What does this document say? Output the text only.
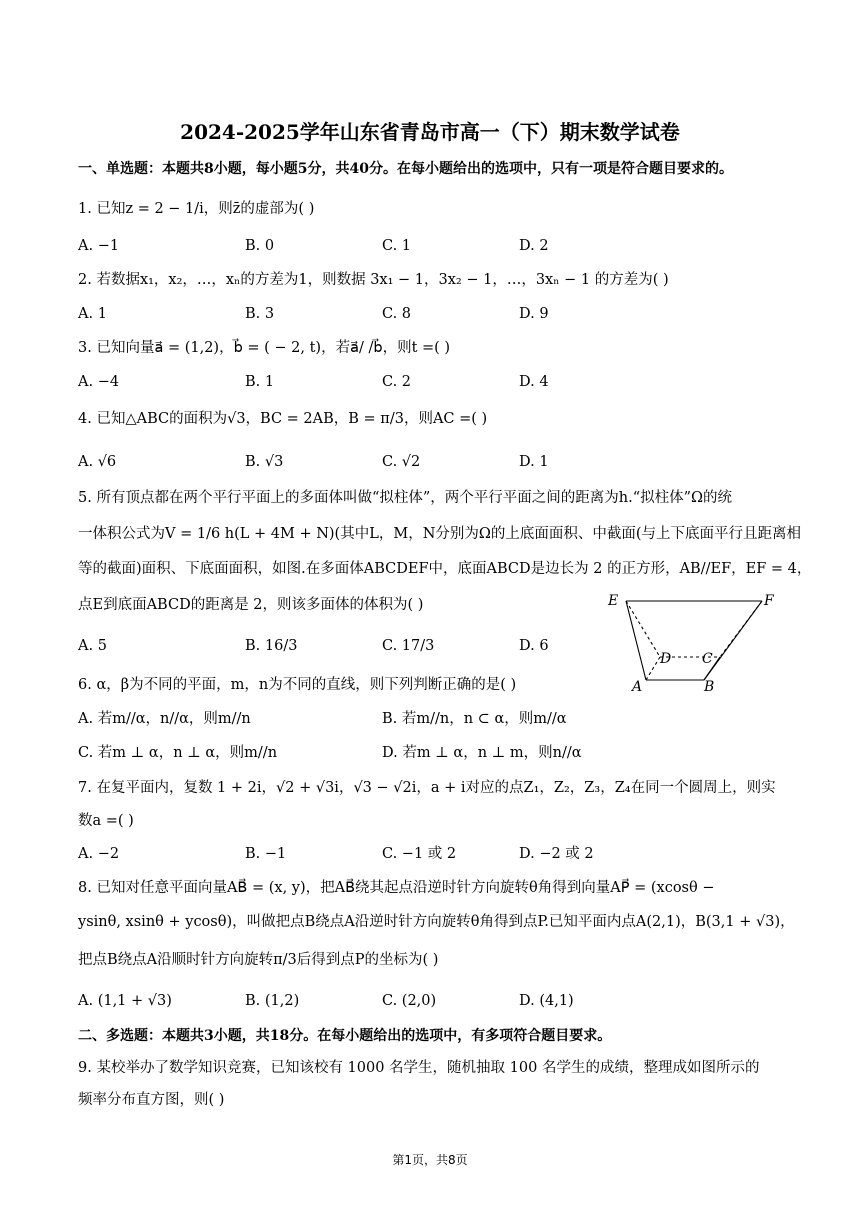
2024-2025学年山东省青岛市高一（下）期末数学试卷
一、单选题：本题共8小题，每小题5分，共40分。在每小题给出的选项中，只有一项是符合题目要求的。
1. 已知z = 2 − 1/i，则z̄的虚部为( )
A. −1	B. 0	C. 1	D. 2
2. 若数据x₁，x₂，…，xₙ的方差为1，则数据 3x₁ − 1，3x₂ − 1，…，3xₙ − 1 的方差为( )
A. 1	B. 3	C. 8	D. 9
3. 已知向量a⃗ = (1,2)，b⃗ = ( − 2, t)，若a⃗/ /b⃗，则t =( )
A. −4	B. 1	C. 2	D. 4
4. 已知△ABC的面积为√3，BC = 2AB，B = π/3，则AC =( )
A. √6	B. √3	C. √2	D. 1
5. 所有顶点都在两个平行平面上的多面体叫做“拟柱体”，两个平行平面之间的距离为h.“拟柱体”Ω的统
一体积公式为V = 1/6 h(L + 4M + N)(其中L，M，N分别为Ω的上底面面积、中截面(与上下底面平行且距离相
等的截面)面积、下底面面积，如图.在多面体ABCDEF中，底面ABCD是边长为 2 的正方形，AB//EF，EF = 4，
点E到底面ABCD的距离是 2，则该多面体的体积为( )
A. 5	B. 16/3	C. 17/3	D. 6
E	F
D C
A	B
6. α，β为不同的平面，m，n为不同的直线，则下列判断正确的是( )
A. 若m//α，n//α，则m//n	B. 若m//n，n ⊂ α，则m//α
C. 若m ⊥ α，n ⊥ α，则m//n	D. 若m ⊥ α，n ⊥ m，则n//α
7. 在复平面内，复数 1 + 2i，√2 + √3i，√3 − √2i，a + i对应的点Z₁，Z₂，Z₃，Z₄在同一个圆周上，则实
数a =( )
A. −2	B. −1	C. −1 或 2	D. −2 或 2
8. 已知对任意平面向量AB⃗ = (x, y)，把AB⃗绕其起点沿逆时针方向旋转θ角得到向量AP⃗ = (xcosθ −
ysinθ, xsinθ + ycosθ)，叫做把点B绕点A沿逆时针方向旋转θ角得到点P.已知平面内点A(2,1)，B(3,1 + √3)，
把点B绕点A沿顺时针方向旋转π/3后得到点P的坐标为( )
A. (1,1 + √3)	B. (1,2)	C. (2,0)	D. (4,1)
二、多选题：本题共3小题，共18分。在每小题给出的选项中，有多项符合题目要求。
9. 某校举办了数学知识竞赛，已知该校有 1000 名学生，随机抽取 100 名学生的成绩，整理成如图所示的
频率分布直方图，则( )
第1页，共8页
